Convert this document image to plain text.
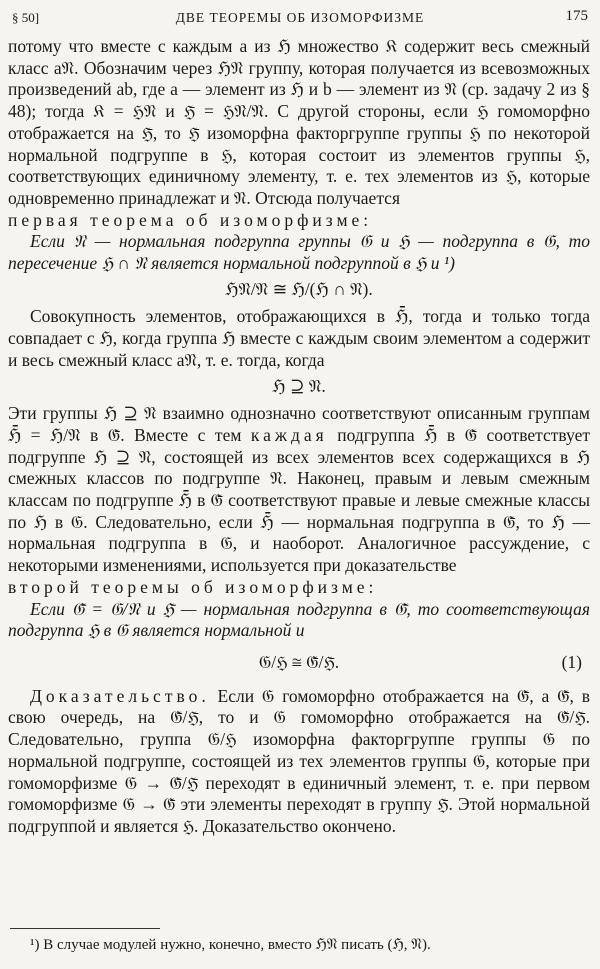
§ 50]	ДВЕ ТЕОРЕМЫ ОБ ИЗОМОРФИЗМЕ	175

потому что вместе с каждым a из ℌ множество 𝔎 содержит весь смежный класс a𝔑. Обозначим через ℌ𝔑 группу, которая получается из всевозможных произведений ab, где a — элемент из ℌ и b — элемент из 𝔑 (ср. задачу 2 из § 48); тогда 𝔎 = ℌ𝔑 и ℌ̄ = ℌ𝔑/𝔑. С другой стороны, если ℌ гомоморфно отображается на ℌ̄, то ℌ̄ изоморфна факторгруппе группы ℌ по некоторой нормальной подгруппе в ℌ, которая состоит из элементов группы ℌ, соответствующих единичному элементу, т. е. тех элементов из ℌ, которые одновременно принадлежат и 𝔑. Отсюда получается

первая теорема об изоморфизме:

Если 𝔑 — нормальная подгруппа группы 𝔊 и ℌ — подгруппа в 𝔊, то пересечение ℌ ∩ 𝔑 является нормальной подгруппой в ℌ и ¹)

ℌ𝔑/𝔑 ≅ ℌ/(ℌ ∩ 𝔑).

Совокупность элементов, отображающихся в ℌ̄, тогда и только тогда совпадает с ℌ, когда группа ℌ вместе с каждым своим элементом a содержит и весь смежный класс a𝔑, т. е. тогда, когда

ℌ ⊇ 𝔑.

Эти группы ℌ ⊇ 𝔑 взаимно однозначно соответствуют описанным группам ℌ̄ = ℌ/𝔑 в 𝔊̄. Вместе с тем каждая подгруппа ℌ̄ в 𝔊̄ соответствует подгруппе ℌ ⊇ 𝔑, состоящей из всех элементов всех содержащихся в ℌ смежных классов по подгруппе 𝔑. Наконец, правым и левым смежным классам по подгруппе ℌ̄ в 𝔊̄ соответствуют правые и левые смежные классы по ℌ в 𝔊. Следовательно, если ℌ̄ — нормальная подгруппа в 𝔊̄, то ℌ — нормальная подгруппа в 𝔊, и наоборот. Аналогичное рассуждение, с некоторыми изменениями, используется при доказательстве

второй теоремы об изоморфизме:

Если 𝔊̄ = 𝔊/𝔑 и ℌ̄ — нормальная подгруппа в 𝔊̄, то соответствующая подгруппа ℌ в 𝔊 является нормальной и

𝔊/ℌ ≅ 𝔊̄/ℌ̄.	(1)

Доказательство. Если 𝔊 гомоморфно отображается на 𝔊̄, а 𝔊̄, в свою очередь, на 𝔊̄/ℌ̄, то и 𝔊 гомоморфно отображается на 𝔊̄/ℌ̄. Следовательно, группа 𝔊/ℌ изоморфна факторгруппе группы 𝔊 по нормальной подгруппе, состоящей из тех элементов группы 𝔊, которые при гомоморфизме 𝔊 → 𝔊̄/ℌ̄ переходят в единичный элемент, т. е. при первом гомоморфизме 𝔊 → 𝔊̄ эти элементы переходят в группу ℌ̄. Этой нормальной подгруппой и является ℌ. Доказательство окончено.

¹) В случае модулей нужно, конечно, вместо ℌ𝔑 писать (ℌ, 𝔑).
